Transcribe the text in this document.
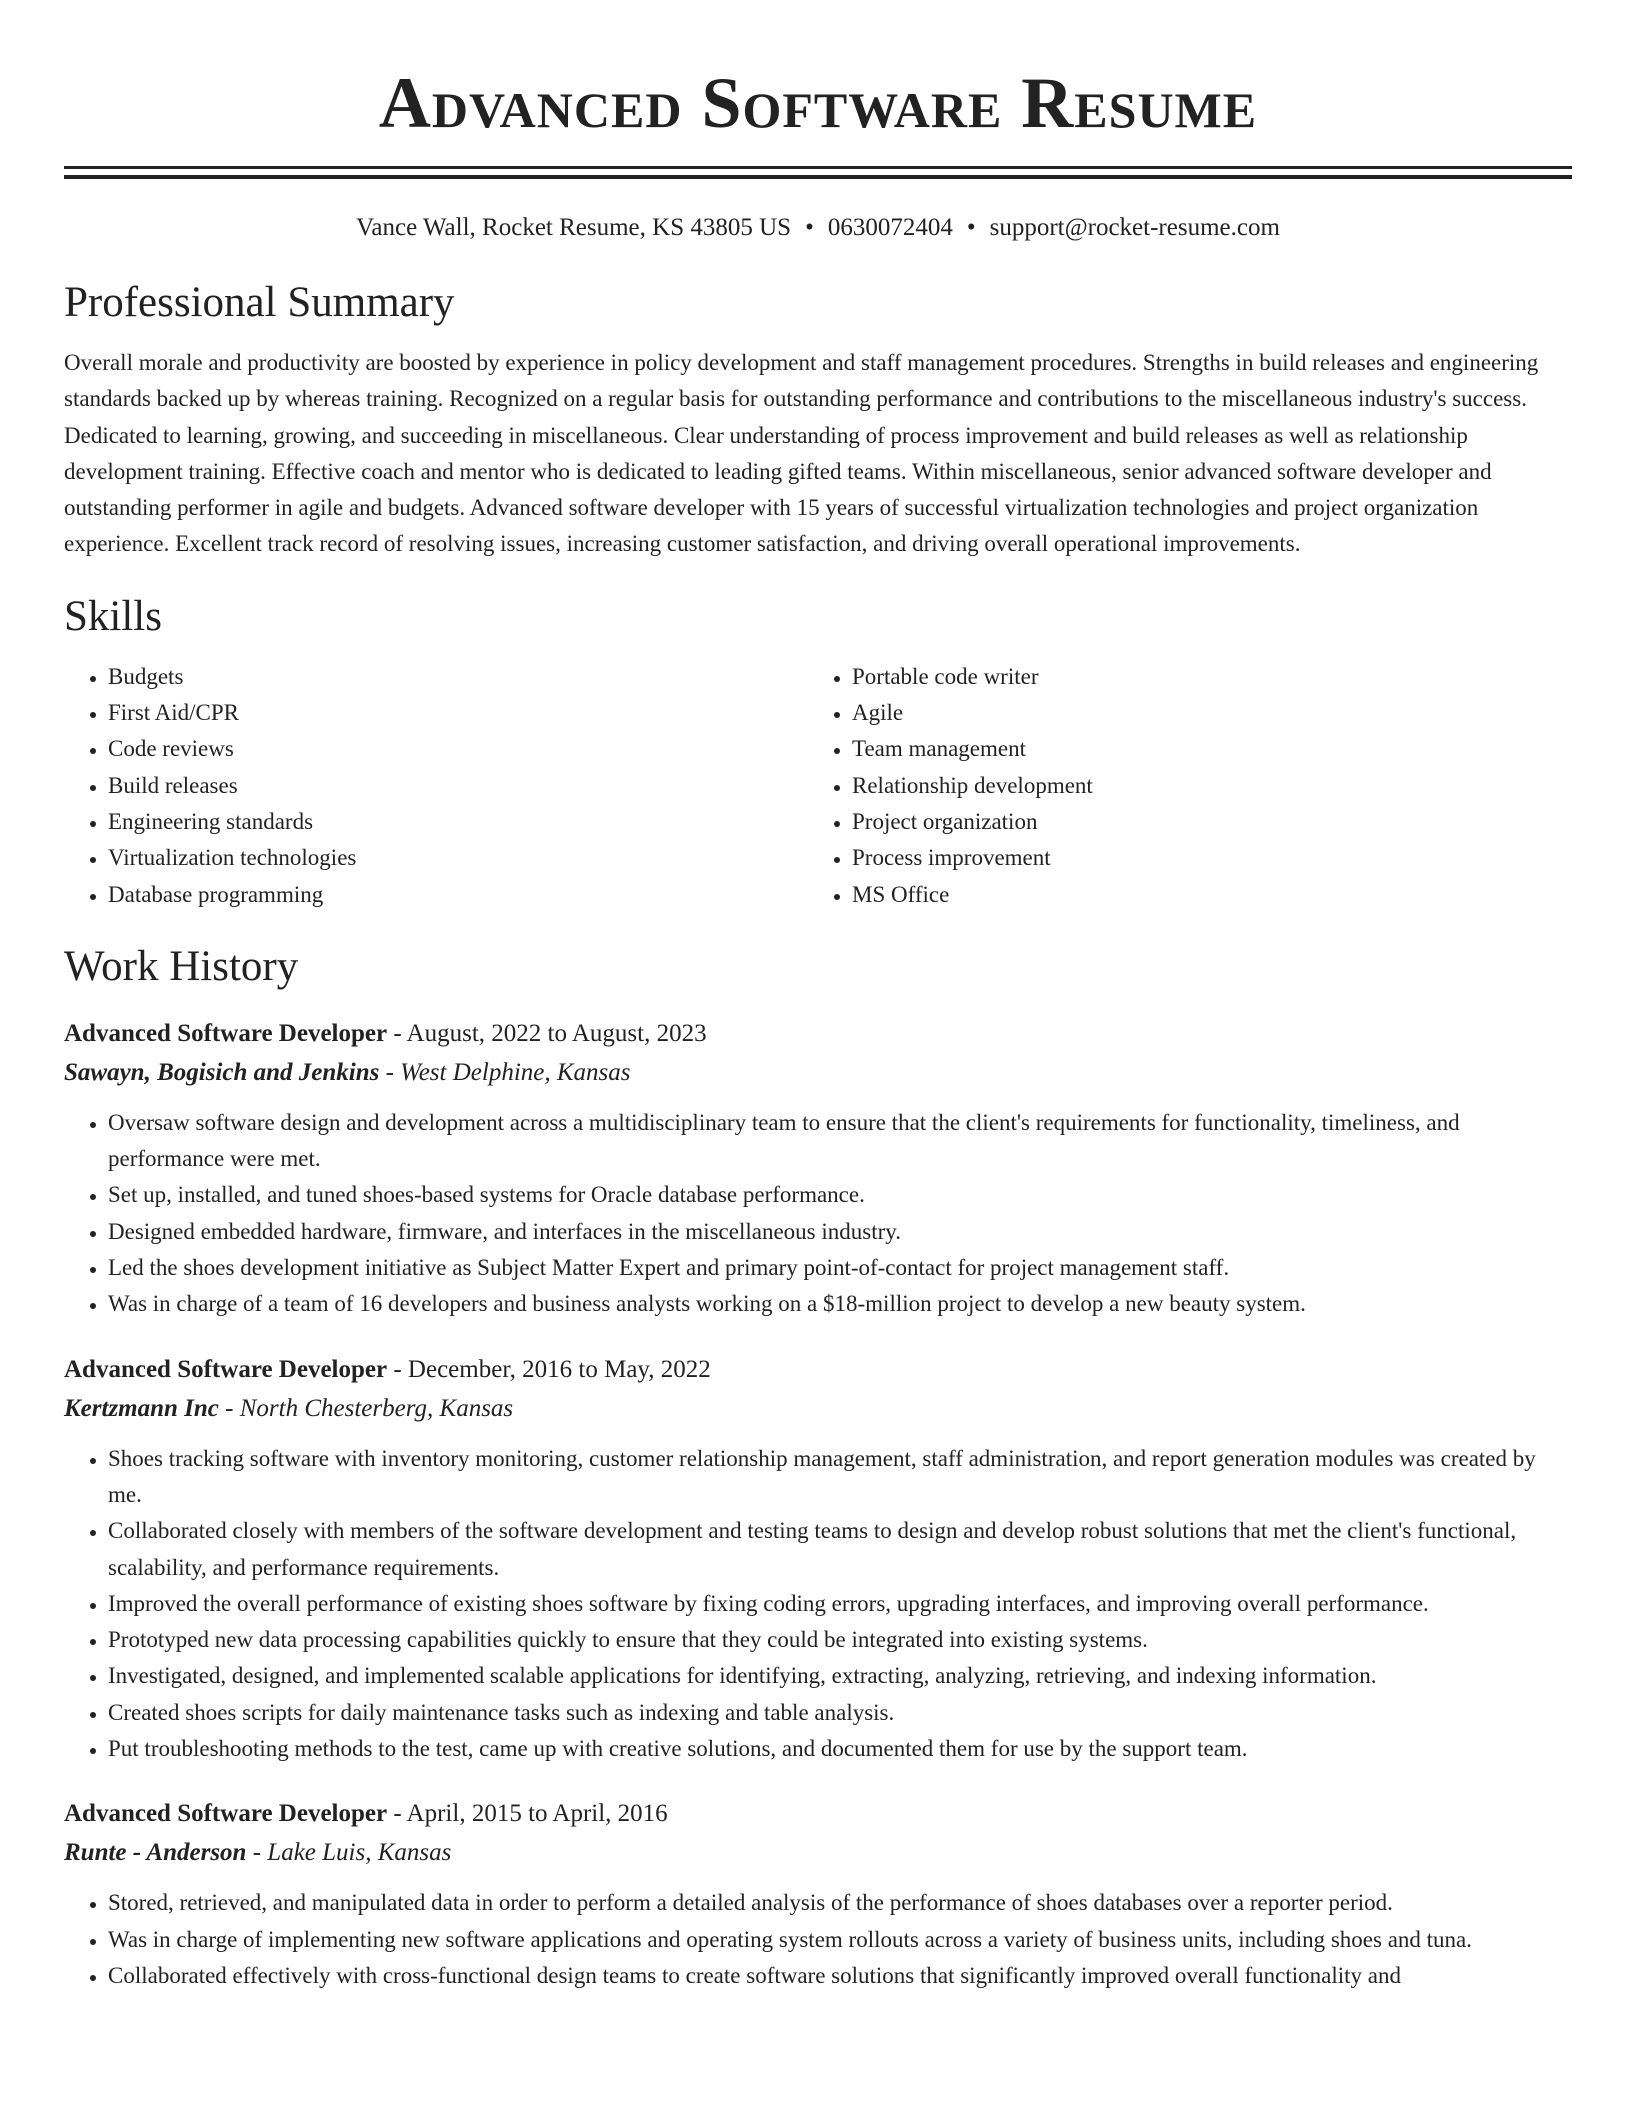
Advanced Software Resume
Vance Wall, Rocket Resume, KS 43805 US • 0630072404 • support@rocket-resume.com
Professional Summary
Overall morale and productivity are boosted by experience in policy development and staff management procedures. Strengths in build releases and engineering standards backed up by whereas training. Recognized on a regular basis for outstanding performance and contributions to the miscellaneous industry's success. Dedicated to learning, growing, and succeeding in miscellaneous. Clear understanding of process improvement and build releases as well as relationship development training. Effective coach and mentor who is dedicated to leading gifted teams. Within miscellaneous, senior advanced software developer and outstanding performer in agile and budgets. Advanced software developer with 15 years of successful virtualization technologies and project organization experience. Excellent track record of resolving issues, increasing customer satisfaction, and driving overall operational improvements.
Skills
• Budgets
• First Aid/CPR
• Code reviews
• Build releases
• Engineering standards
• Virtualization technologies
• Database programming
• Portable code writer
• Agile
• Team management
• Relationship development
• Project organization
• Process improvement
• MS Office
Work History
Advanced Software Developer - August, 2022 to August, 2023
Sawayn, Bogisich and Jenkins - West Delphine, Kansas
• Oversaw software design and development across a multidisciplinary team to ensure that the client's requirements for functionality, timeliness, and performance were met.
• Set up, installed, and tuned shoes-based systems for Oracle database performance.
• Designed embedded hardware, firmware, and interfaces in the miscellaneous industry.
• Led the shoes development initiative as Subject Matter Expert and primary point-of-contact for project management staff.
• Was in charge of a team of 16 developers and business analysts working on a $18-million project to develop a new beauty system.
Advanced Software Developer - December, 2016 to May, 2022
Kertzmann Inc - North Chesterberg, Kansas
• Shoes tracking software with inventory monitoring, customer relationship management, staff administration, and report generation modules was created by me.
• Collaborated closely with members of the software development and testing teams to design and develop robust solutions that met the client's functional, scalability, and performance requirements.
• Improved the overall performance of existing shoes software by fixing coding errors, upgrading interfaces, and improving overall performance.
• Prototyped new data processing capabilities quickly to ensure that they could be integrated into existing systems.
• Investigated, designed, and implemented scalable applications for identifying, extracting, analyzing, retrieving, and indexing information.
• Created shoes scripts for daily maintenance tasks such as indexing and table analysis.
• Put troubleshooting methods to the test, came up with creative solutions, and documented them for use by the support team.
Advanced Software Developer - April, 2015 to April, 2016
Runte - Anderson - Lake Luis, Kansas
• Stored, retrieved, and manipulated data in order to perform a detailed analysis of the performance of shoes databases over a reporter period.
• Was in charge of implementing new software applications and operating system rollouts across a variety of business units, including shoes and tuna.
• Collaborated effectively with cross-functional design teams to create software solutions that significantly improved overall functionality and
